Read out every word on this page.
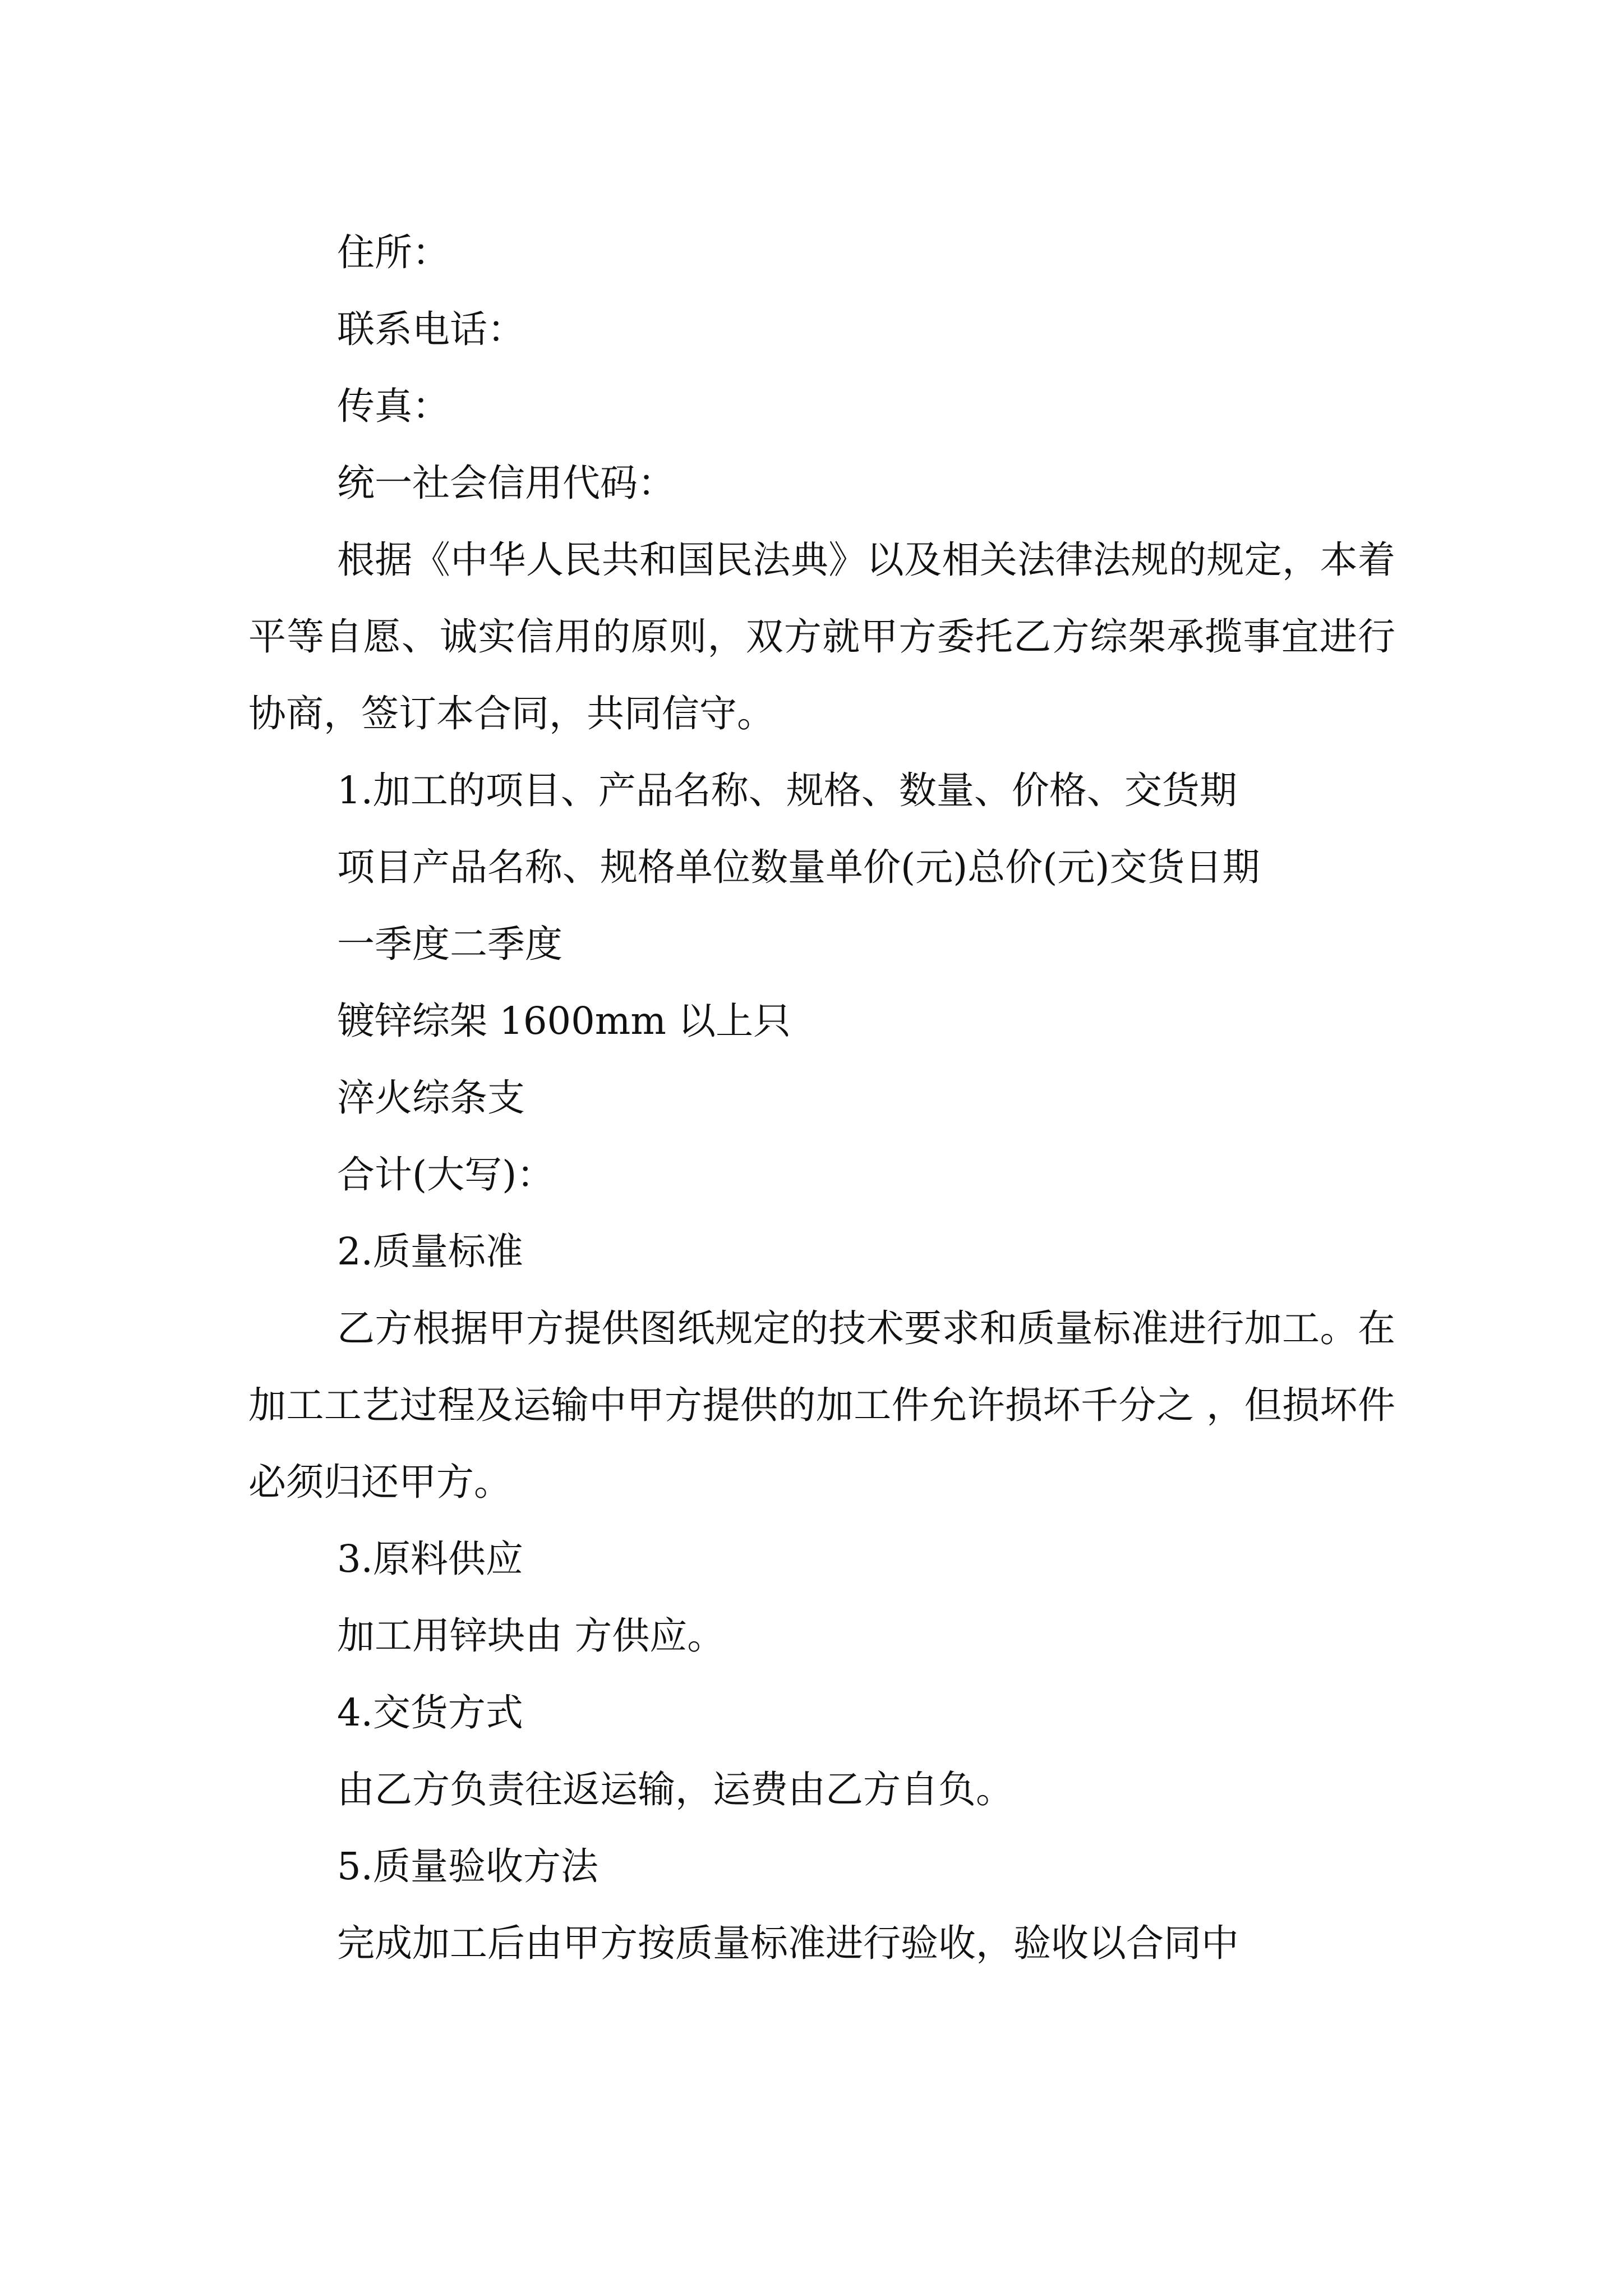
住所：

联系电话：

传真：

统一社会信用代码：

根据《中华人民共和国民法典》以及相关法律法规的规定，本着平等自愿、诚实信用的原则，双方就甲方委托乙方综架承揽事宜进行协商，签订本合同，共同信守。

1.加工的项目、产品名称、规格、数量、价格、交货期

项目产品名称、规格单位数量单价(元)总价(元)交货日期

一季度二季度

镀锌综架 1600mm 以上只

淬火综条支

合计(大写)：

2.质量标准

乙方根据甲方提供图纸规定的技术要求和质量标准进行加工。在加工工艺过程及运输中甲方提供的加工件允许损坏千分之 ，但损坏件必须归还甲方。

3.原料供应

加工用锌块由 方供应。

4.交货方式

由乙方负责往返运输，运费由乙方自负。

5.质量验收方法

完成加工后由甲方按质量标准进行验收，验收以合同中
